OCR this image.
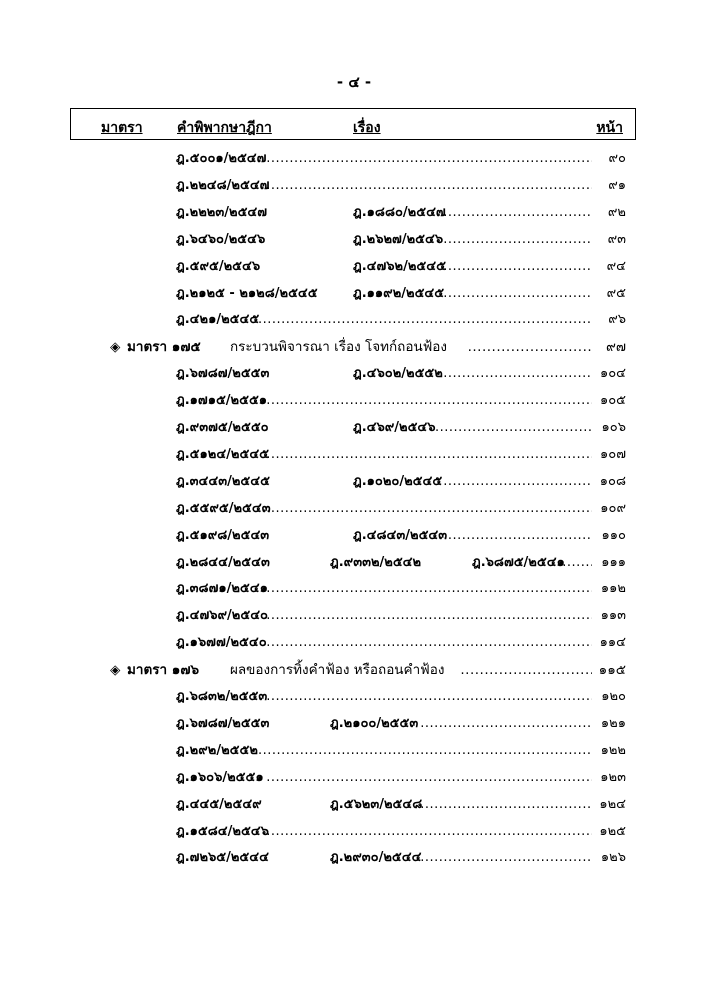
- ๔ -
มาตรา คำพิพากษาฎีกา	เรื่อง	หน้า
ฎ.๕๐๐๑/๒๕๔๗ .....	๙๐
ฎ.๒๒๔๘/๒๕๔๗ .....	๙๑
ฎ.๒๒๒๓/๒๕๔๗	ฎ.๑๘๘๐/๒๕๔๗ .....	๙๒
ฎ.๖๔๖๐/๒๕๔๖	ฎ.๒๖๒๗/๒๕๔๖ .....	๙๓
ฎ.๕๙๕/๒๕๔๖	ฎ.๔๗๖๒/๒๕๔๕ .....	๙๔
ฎ.๒๑๒๕ - ๒๑๒๘/๒๕๔๕	ฎ.๑๑๙๒/๒๕๔๕ .....	๙๕
ฎ.๔๒๑/๒๕๔๕ .....	๙๖
◈ มาตรา ๑๗๕ กระบวนพิจารณา เรื่อง โจทก์ถอนฟ้อง .....	๙๗
ฎ.๖๗๘๗/๒๕๕๓	ฎ.๔๖๐๒/๒๕๕๒ .....	๑๐๔
ฎ.๑๗๑๕/๒๕๕๑ .....	๑๐๕
ฎ.๙๓๗๕/๒๕๕๐	ฎ.๔๖๙/๒๕๔๖ .....	๑๐๖
ฎ.๕๑๒๔/๒๕๔๕ .....	๑๐๗
ฎ.๓๔๔๓/๒๕๔๕	ฎ.๑๐๒๐/๒๕๔๕ .....	๑๐๘
ฎ.๕๕๙๕/๒๕๔๓ .....	๑๐๙
ฎ.๕๑๙๘/๒๕๔๓	ฎ.๔๘๔๓/๒๕๔๓ .....	๑๑๐
ฎ.๒๘๔๔/๒๕๔๓	ฎ.๙๓๓๒/๒๕๔๒	ฎ.๖๘๗๕/๒๕๔๑ .....	๑๑๑
ฎ.๓๘๗๑/๒๕๔๑ .....	๑๑๒
ฎ.๔๗๖๙/๒๕๔๐ .....	๑๑๓
ฎ.๑๖๗๗/๒๕๔๐ .....	๑๑๔
◈ มาตรา ๑๗๖ ผลของการทิ้งคำฟ้อง หรือถอนคำฟ้อง .....	๑๑๕
ฎ.๖๘๓๒/๒๕๕๓ .....	๑๒๐
ฎ.๖๗๘๗/๒๕๕๓	ฎ.๒๑๐๐/๒๕๕๓ .....	๑๒๑
ฎ.๒๙๒/๒๕๕๒ .....	๑๒๒
ฎ.๑๖๐๖/๒๕๕๑ .....	๑๒๓
ฎ.๔๔๕/๒๕๔๙	ฎ.๕๖๒๓/๒๕๔๘ .....	๑๒๔
ฎ.๑๕๘๔/๒๕๔๖ .....	๑๒๕
ฎ.๗๒๖๕/๒๕๔๔	ฎ.๒๙๓๐/๒๕๔๔ .....	๑๒๖
